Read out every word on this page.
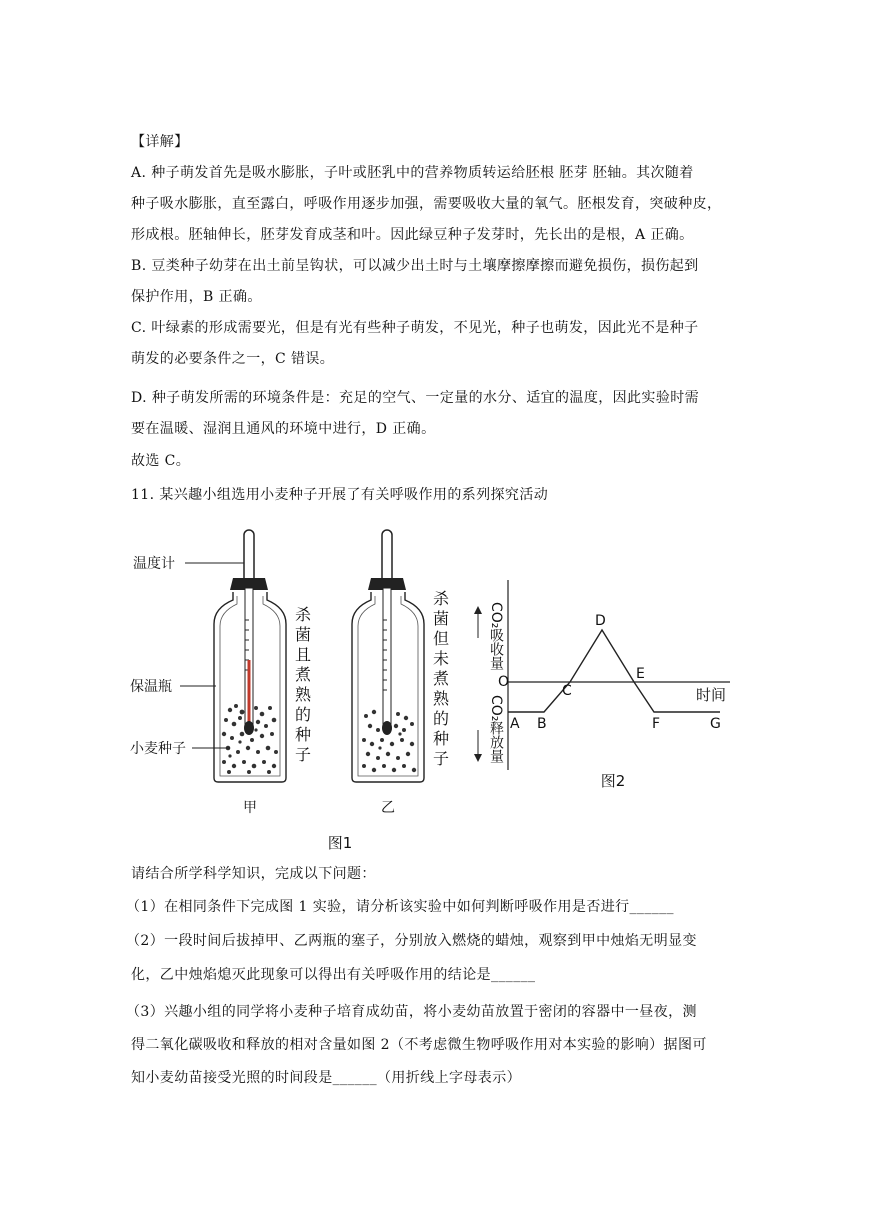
【详解】
A. 种子萌发首先是吸水膨胀，子叶或胚乳中的营养物质转运给胚根 胚芽 胚轴。其次随着
种子吸水膨胀，直至露白，呼吸作用逐步加强，需要吸收大量的氧气。胚根发育，突破种皮，
形成根。胚轴伸长，胚芽发育成茎和叶。因此绿豆种子发芽时，先长出的是根，A 正确。
B. 豆类种子幼芽在出土前呈钩状，可以减少出土时与土壤摩擦摩擦而避免损伤，损伤起到
保护作用，B 正确。
C. 叶绿素的形成需要光，但是有光有些种子萌发，不见光，种子也萌发，因此光不是种子
萌发的必要条件之一，C 错误。
D. 种子萌发所需的环境条件是：充足的空气、一定量的水分、适宜的温度，因此实验时需
要在温暖、湿润且通风的环境中进行，D 正确。
故选 C。
11. 某兴趣小组选用小麦种子开展了有关呼吸作用的系列探究活动
温度计
保温瓶
小麦种子
甲
杀菌且煮熟的种子
乙
杀菌但未煮熟的种子
图1
CO₂吸收量
CO₂释放量
O
时间
A B
C
D
E
F	G
图2
请结合所学科学知识，完成以下问题：
（1）在相同条件下完成图 1 实验，请分析该实验中如何判断呼吸作用是否进行______
（2）一段时间后拔掉甲、乙两瓶的塞子，分别放入燃烧的蜡烛，观察到甲中烛焰无明显变
化，乙中烛焰熄灭此现象可以得出有关呼吸作用的结论是______
（3）兴趣小组的同学将小麦种子培育成幼苗，将小麦幼苗放置于密闭的容器中一昼夜，测
得二氧化碳吸收和释放的相对含量如图 2（不考虑微生物呼吸作用对本实验的影响）据图可
知小麦幼苗接受光照的时间段是______（用折线上字母表示）
